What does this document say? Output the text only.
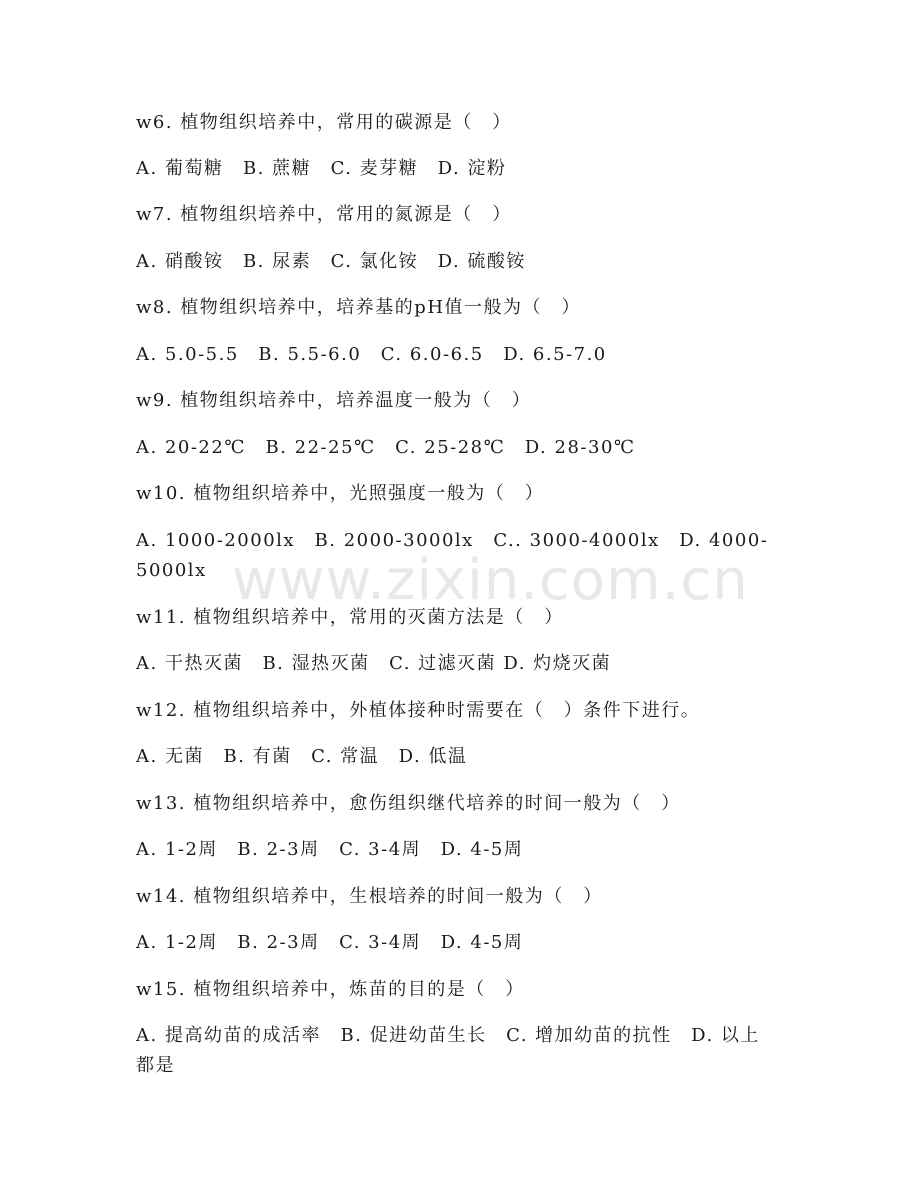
w6. 植物组织培养中，常用的碳源是（　）
A. 葡萄糖　B. 蔗糖　C. 麦芽糖　D. 淀粉
w7. 植物组织培养中，常用的氮源是（　）
A. 硝酸铵　B. 尿素　C. 氯化铵　D. 硫酸铵
w8. 植物组织培养中，培养基的pH值一般为（　）
A. 5.0-5.5　B. 5.5-6.0　C. 6.0-6.5　D. 6.5-7.0
w9. 植物组织培养中，培养温度一般为（　）
A. 20-22℃　B. 22-25℃　C. 25-28℃　D. 28-30℃
w10. 植物组织培养中，光照强度一般为（　）
A. 1000-2000lx　B. 2000-3000lx　C.. 3000-4000lx　D. 4000-5000lx
w11. 植物组织培养中，常用的灭菌方法是（　）
A. 干热灭菌　B. 湿热灭菌　C. 过滤灭菌 D. 灼烧灭菌
w12. 植物组织培养中，外植体接种时需要在（　）条件下进行。
A. 无菌　B. 有菌　C. 常温　D. 低温
w13. 植物组织培养中，愈伤组织继代培养的时间一般为（　）
A. 1-2周　B. 2-3周　C. 3-4周　D. 4-5周
w14. 植物组织培养中，生根培养的时间一般为（　）
A. 1-2周　B. 2-3周　C. 3-4周　D. 4-5周
w15. 植物组织培养中，炼苗的目的是（　）
A. 提高幼苗的成活率　B. 促进幼苗生长　C. 增加幼苗的抗性　D. 以上都是
www.zixin.com.cn
